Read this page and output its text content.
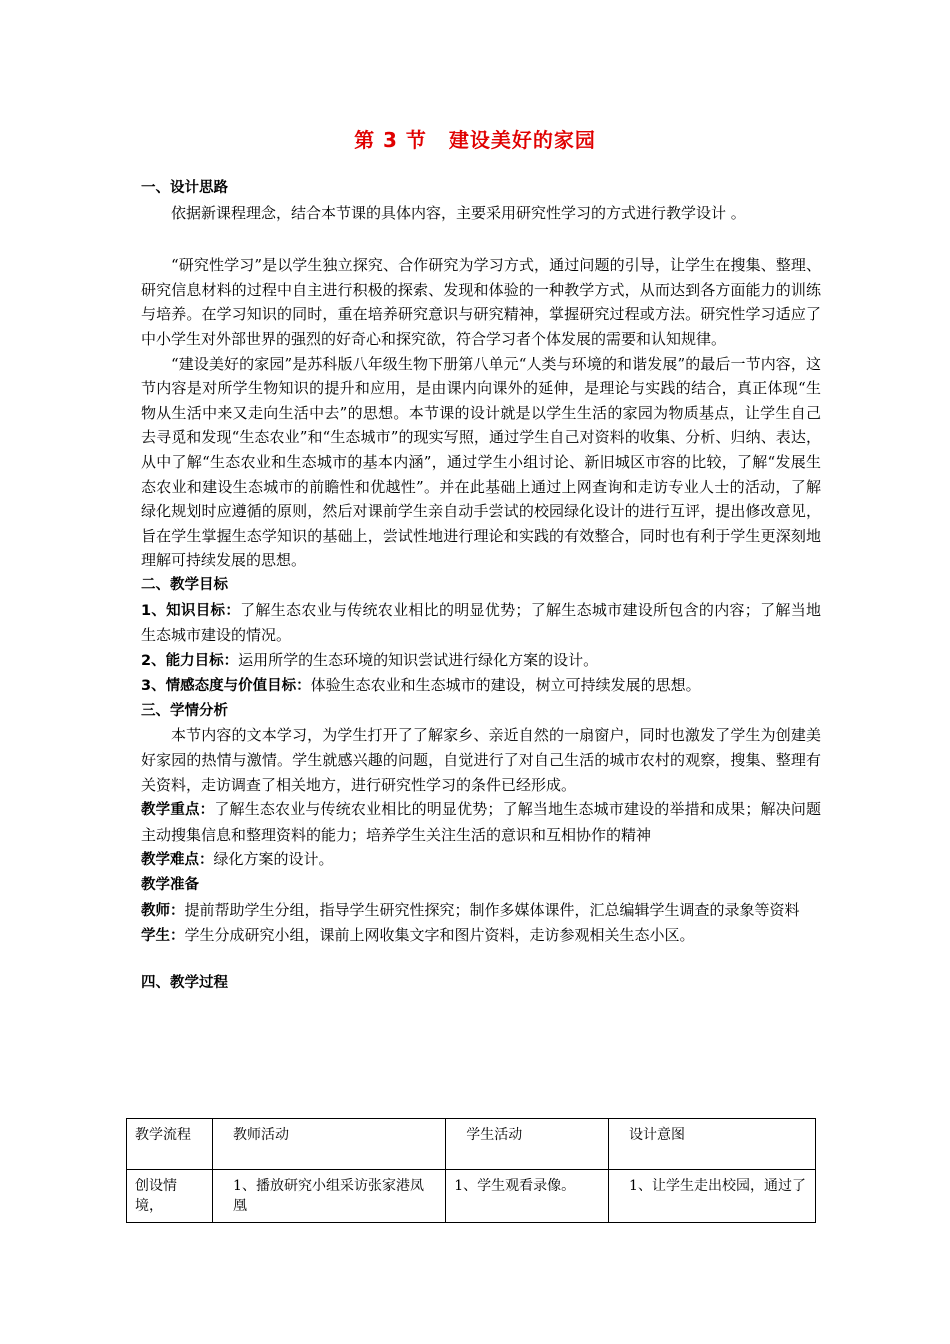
第 3 节 建设美好的家园

一、设计思路

依据新课程理念，结合本节课的具体内容，主要采用研究性学习的方式进行教学设计 。

“研究性学习”是以学生独立探究、合作研究为学习方式，通过问题的引导，让学生在搜集、整理、研究信息材料的过程中自主进行积极的探索、发现和体验的一种教学方式，从而达到各方面能力的训练与培养。在学习知识的同时，重在培养研究意识与研究精神，掌握研究过程或方法。研究性学习适应了中小学生对外部世界的强烈的好奇心和探究欲，符合学习者个体发展的需要和认知规律。

“建设美好的家园”是苏科版八年级生物下册第八单元“人类与环境的和谐发展”的最后一节内容，这节内容是对所学生物知识的提升和应用，是由课内向课外的延伸，是理论与实践的结合，真正体现“生物从生活中来又走向生活中去”的思想。本节课的设计就是以学生生活的家园为物质基点，让学生自己去寻觅和发现“生态农业”和“生态城市”的现实写照，通过学生自己对资料的收集、分析、归纳、表达，从中了解“生态农业和生态城市的基本内涵”，通过学生小组讨论、新旧城区市容的比较，了解“发展生态农业和建设生态城市的前瞻性和优越性”。并在此基础上通过上网查询和走访专业人士的活动，了解绿化规划时应遵循的原则，然后对课前学生亲自动手尝试的校园绿化设计的进行互评，提出修改意见，旨在学生掌握生态学知识的基础上，尝试性地进行理论和实践的有效整合，同时也有利于学生更深刻地理解可持续发展的思想。

二、教学目标

1、知识目标：了解生态农业与传统农业相比的明显优势；了解生态城市建设所包含的内容；了解当地生态城市建设的情况。

2、能力目标：运用所学的生态环境的知识尝试进行绿化方案的设计。

3、情感态度与价值目标：体验生态农业和生态城市的建设，树立可持续发展的思想。

三、学情分析

本节内容的文本学习，为学生打开了了解家乡、亲近自然的一扇窗户，同时也激发了学生为创建美好家园的热情与激情。学生就感兴趣的问题，自觉进行了对自己生活的城市农村的观察，搜集、整理有关资料，走访调查了相关地方，进行研究性学习的条件已经形成。

教学重点：了解生态农业与传统农业相比的明显优势；了解当地生态城市建设的举措和成果；解决问题主动搜集信息和整理资料的能力；培养学生关注生活的意识和互相协作的精神

教学难点：绿化方案的设计。

教学准备

教师：提前帮助学生分组，指导学生研究性探究；制作多媒体课件，汇总编辑学生调查的录象等资料

学生：学生分成研究小组，课前上网收集文字和图片资料，走访参观相关生态小区。

四、教学过程

教学流程	教师活动	学生活动	设计意图
创设情境，	1、播放研究小组采访张家港凤凰	1、学生观看录像。	1、让学生走出校园，通过了
